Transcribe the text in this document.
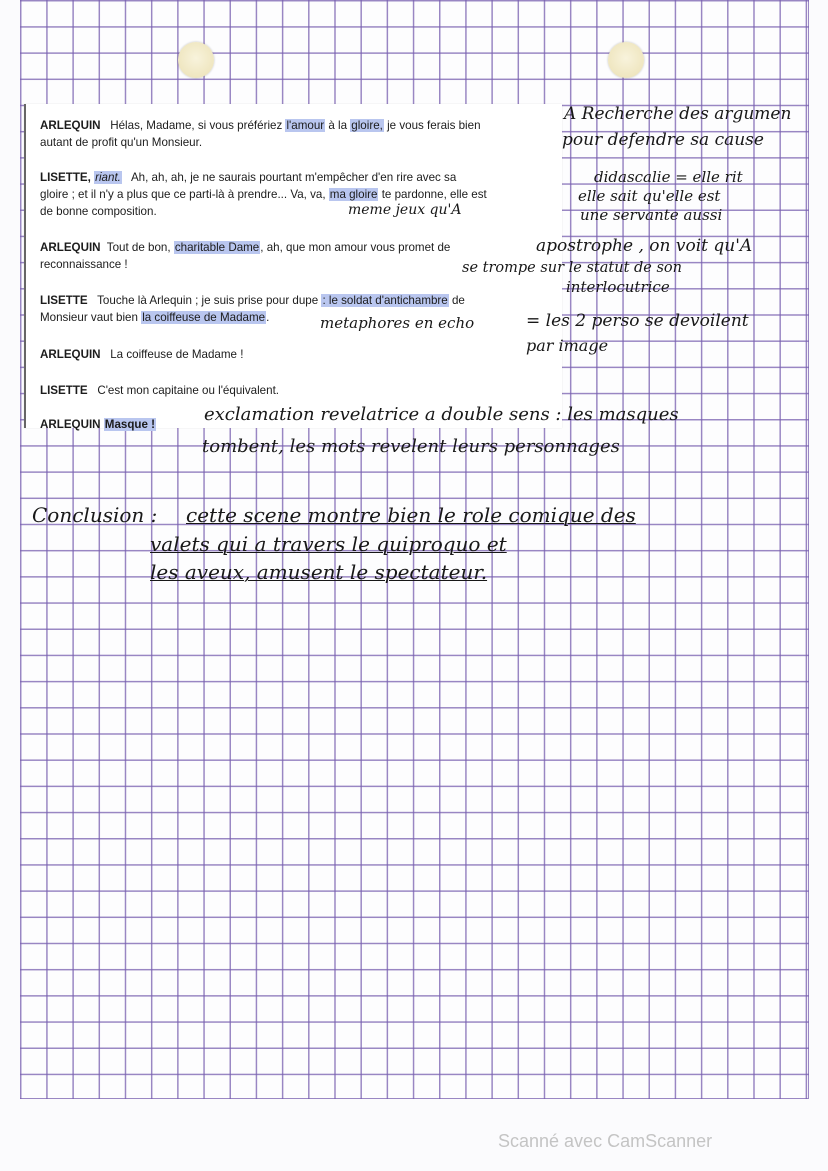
ARLEQUIN Hélas, Madame, si vous préfériez l'amour à la gloire, je vous ferais bien
autant de profit qu'un Monsieur.
LISETTE, riant. Ah, ah, ah, je ne saurais pourtant m'empêcher d'en rire avec sa
gloire ; et il n'y a plus que ce parti-là à prendre... Va, va, ma gloire te pardonne, elle est
de bonne composition.
ARLEQUIN Tout de bon, charitable Dame, ah, que mon amour vous promet de
reconnaissance !
LISETTE Touche là Arlequin ; je suis prise pour dupe : le soldat d'antichambre de
Monsieur vaut bien la coiffeuse de Madame.
ARLEQUIN La coiffeuse de Madame !
LISETTE C'est mon capitaine ou l'équivalent.
ARLEQUIN Masque !
A Recherche des argumen
pour defendre sa cause
didascalie = elle rit
elle sait qu'elle est
une servante aussi
meme jeux qu'A
apostrophe , on voit qu'A
se trompe sur le statut de son
interlocutrice
metaphores en echo	= les 2 perso se devoilent
par image
exclamation revelatrice a double sens : les masques
tombent, les mots revelent leurs personnages
Conclusion : cette scene montre bien le role comique des
valets qui a travers le quiproquo et
les aveux, amusent le spectateur.
Scanné avec CamScanner
